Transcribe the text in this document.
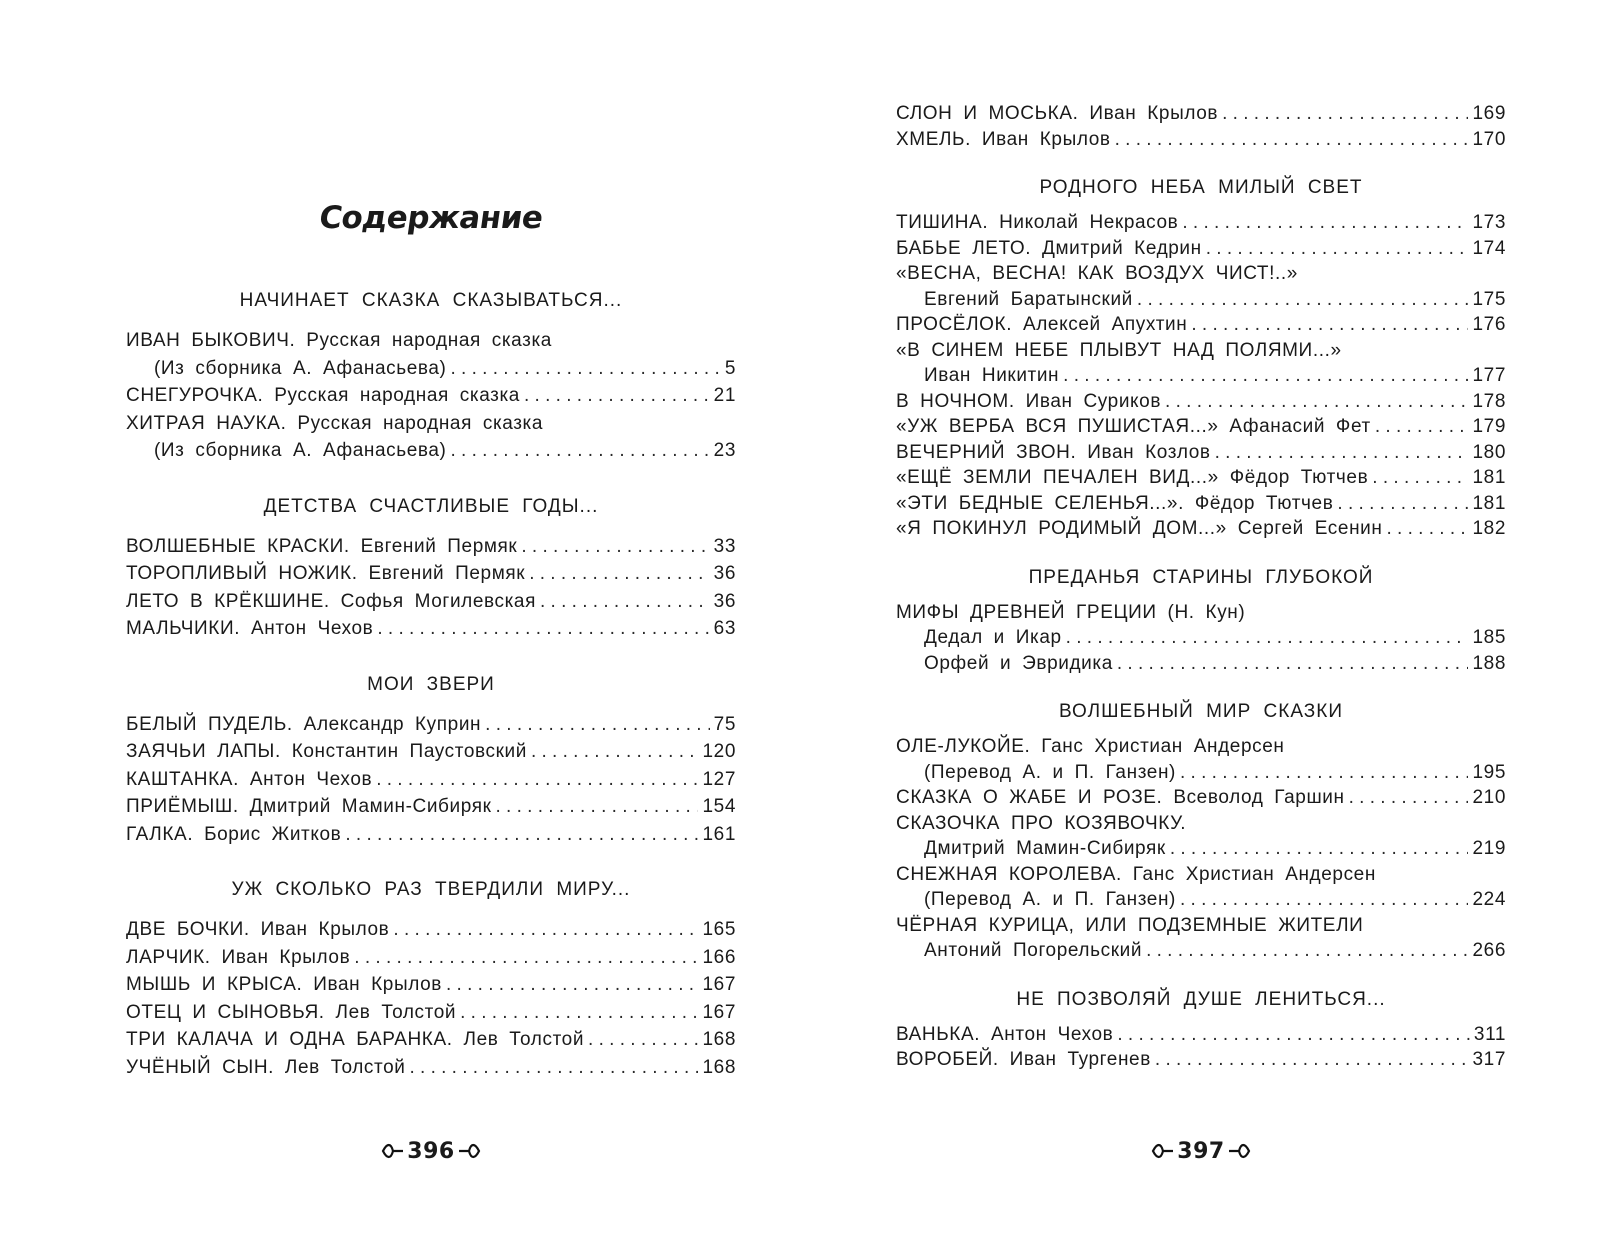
Содержание
НАЧИНАЕТ СКАЗКА СКАЗЫВАТЬСЯ...
ИВАН БЫКОВИЧ. Русская народная сказка
(Из сборника А. Афанасьева) . . .	5
СНЕГУРОЧКА. Русская народная сказка . . .	21
ХИТРАЯ НАУКА. Русская народная сказка
(Из сборника А. Афанасьева) . . .	23
ДЕТСТВА СЧАСТЛИВЫЕ ГОДЫ...
ВОЛШЕБНЫЕ КРАСКИ. Евгений Пермяк . . .	33
ТОРОПЛИВЫЙ НОЖИК. Евгений Пермяк . . .	36
ЛЕТО В КРЁКШИНЕ. Софья Могилевская . . .	36
МАЛЬЧИКИ. Антон Чехов . . .	63
МОИ ЗВЕРИ
БЕЛЫЙ ПУДЕЛЬ. Александр Куприн . . .	75
ЗАЯЧЬИ ЛАПЫ. Константин Паустовский . . .	120
КАШТАНКА. Антон Чехов . . .	127
ПРИЁМЫШ. Дмитрий Мамин-Сибиряк . . .	154
ГАЛКА. Борис Житков . . .	161
УЖ СКОЛЬКО РАЗ ТВЕРДИЛИ МИРУ...
ДВЕ БОЧКИ. Иван Крылов . . .	165
ЛАРЧИК. Иван Крылов . . .	166
МЫШЬ И КРЫСА. Иван Крылов . . .	167
ОТЕЦ И СЫНОВЬЯ. Лев Толстой . . .	167
ТРИ КАЛАЧА И ОДНА БАРАНКА. Лев Толстой . . .	168
УЧЁНЫЙ СЫН. Лев Толстой . . .	168
396
СЛОН И МОСЬКА. Иван Крылов . . .	169
ХМЕЛЬ. Иван Крылов . . .	170
РОДНОГО НЕБА МИЛЫЙ СВЕТ
ТИШИНА. Николай Некрасов . . .	173
БАБЬЕ ЛЕТО. Дмитрий Кедрин . . .	174
«ВЕСНА, ВЕСНА! КАК ВОЗДУХ ЧИСТ!..»
Евгений Баратынский . . .	175
ПРОСЁЛОК. Алексей Апухтин . . .	176
«В СИНЕМ НЕБЕ ПЛЫВУТ НАД ПОЛЯМИ...»
Иван Никитин . . .	177
В НОЧНОМ. Иван Суриков . . .	178
«УЖ ВЕРБА ВСЯ ПУШИСТАЯ...» Афанасий Фет . . .	179
ВЕЧЕРНИЙ ЗВОН. Иван Козлов . . .	180
«ЕЩЁ ЗЕМЛИ ПЕЧАЛЕН ВИД...» Фёдор Тютчев . . .	181
«ЭТИ БЕДНЫЕ СЕЛЕНЬЯ...». Фёдор Тютчев . . .	181
«Я ПОКИНУЛ РОДИМЫЙ ДОМ...» Сергей Есенин . . .	182
ПРЕДАНЬЯ СТАРИНЫ ГЛУБОКОЙ
МИФЫ ДРЕВНЕЙ ГРЕЦИИ (Н. Кун)
Дедал и Икар . . .	185
Орфей и Эвридика . . .	188
ВОЛШЕБНЫЙ МИР СКАЗКИ
ОЛЕ-ЛУКОЙЕ. Ганс Христиан Андерсен
(Перевод А. и П. Ганзен) . . .	195
СКАЗКА О ЖАБЕ И РОЗЕ. Всеволод Гаршин . . .	210
СКАЗОЧКА ПРО КОЗЯВОЧКУ.
Дмитрий Мамин-Сибиряк . . .	219
СНЕЖНАЯ КОРОЛЕВА. Ганс Христиан Андерсен
(Перевод А. и П. Ганзен) . . .	224
ЧЁРНАЯ КУРИЦА, ИЛИ ПОДЗЕМНЫЕ ЖИТЕЛИ
Антоний Погорельский . . .	266
НЕ ПОЗВОЛЯЙ ДУШЕ ЛЕНИТЬСЯ...
ВАНЬКА. Антон Чехов . . .	311
ВОРОБЕЙ. Иван Тургенев . . .	317
397
